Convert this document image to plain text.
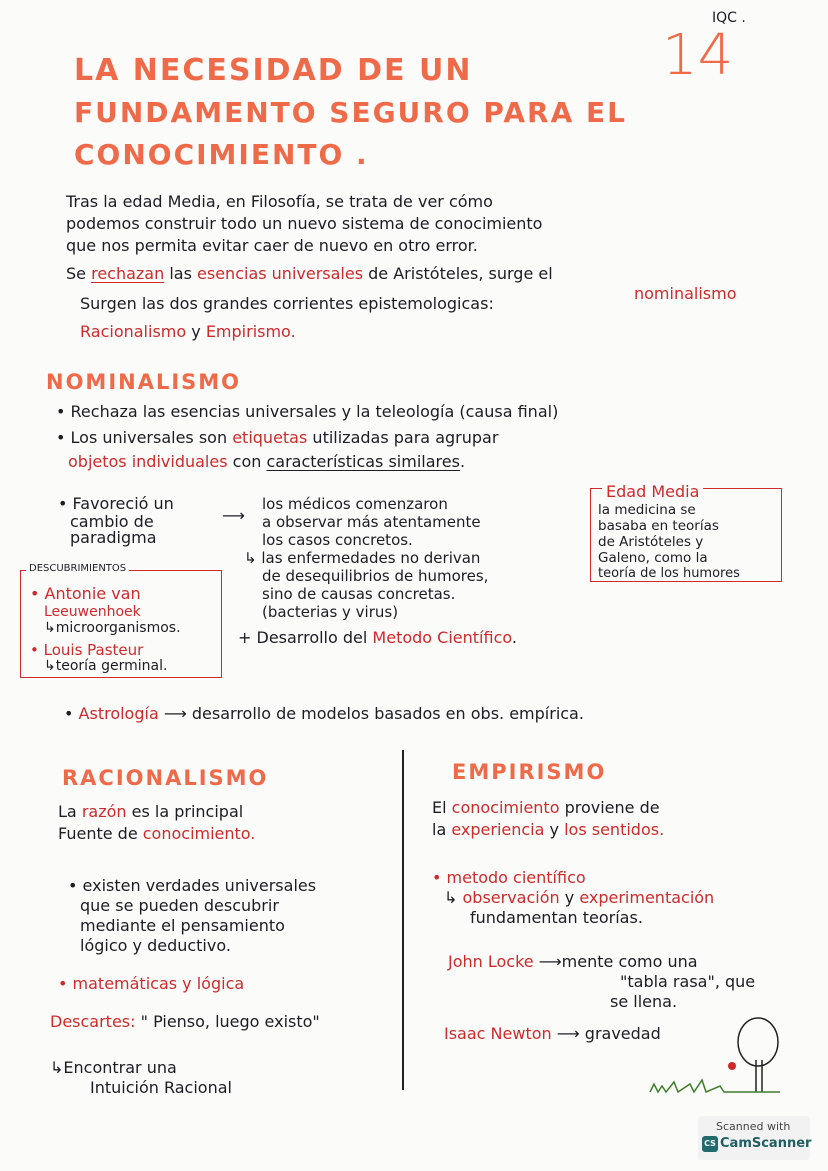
IQC .
14
LA NECESIDAD DE UN
FUNDAMENTO SEGURO PARA EL
CONOCIMIENTO .
Tras la edad Media, en Filosofía, se trata de ver cómo
podemos construir todo un nuevo sistema de conocimiento
que nos permita evitar caer de nuevo en otro error.
Se rechazan las esencias universales de Aristóteles, surge el
nominalismo
Surgen las dos grandes corrientes epistemologicas:
Racionalismo y Empirismo.
NOMINALISMO
• Rechaza las esencias universales y la teleología (causa final)
• Los universales son etiquetas utilizadas para agrupar
objetos individuales con características similares.
• Favoreció un
cambio de
paradigma
⟶
los médicos comenzaron
a observar más atentamente
los casos concretos.
↳ las enfermedades no derivan
de desequilibrios de humores,
sino de causas concretas.
(bacterias y virus)
Edad Media
la medicina se
basaba en teorías
de Aristóteles y
Galeno, como la
teoría de los humores
DESCUBRIMIENTOS
• Antonie van
Leeuwenhoek
↳microorganismos.
• Louis Pasteur
↳teoría germinal.
+ Desarrollo del Metodo Científico.
• Astrología ⟶ desarrollo de modelos basados en obs. empírica.
RACIONALISMO
La razón es la principal
Fuente de conocimiento.
• existen verdades universales
que se pueden descubrir
mediante el pensamiento
lógico y deductivo.
• matemáticas y lógica
Descartes: " Pienso, luego existo"
↳Encontrar una
Intuición Racional
EMPIRISMO
El conocimiento proviene de
la experiencia y los sentidos.
• metodo científico
↳ observación y experimentación
fundamentan teorías.
John Locke ⟶mente como una
"tabla rasa", que
se llena.
Isaac Newton ⟶ gravedad
Scanned with
CS CamScanner
